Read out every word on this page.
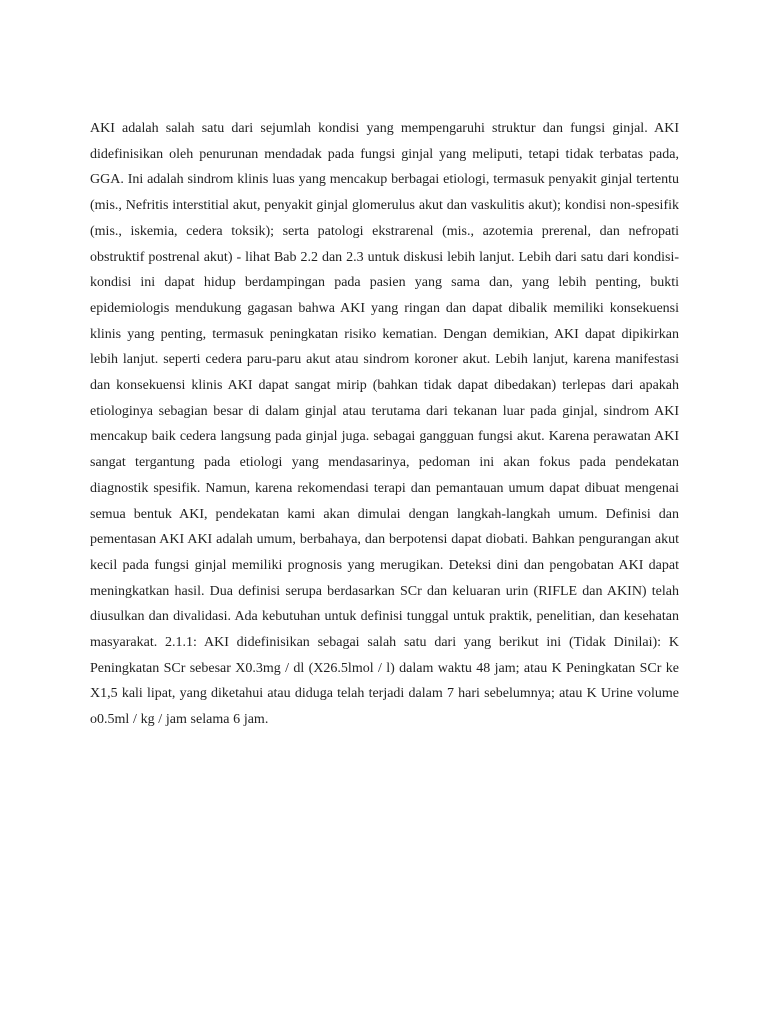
AKI adalah salah satu dari sejumlah kondisi yang mempengaruhi struktur dan fungsi ginjal. AKI didefinisikan oleh penurunan mendadak pada fungsi ginjal yang meliputi, tetapi tidak terbatas pada, GGA. Ini adalah sindrom klinis luas yang mencakup berbagai etiologi, termasuk penyakit ginjal tertentu (mis., Nefritis interstitial akut, penyakit ginjal glomerulus akut dan vaskulitis akut); kondisi non-spesifik (mis., iskemia, cedera toksik); serta patologi ekstrarenal (mis., azotemia prerenal, dan nefropati obstruktif postrenal akut) - lihat Bab 2.2 dan 2.3 untuk diskusi lebih lanjut. Lebih dari satu dari kondisi-kondisi ini dapat hidup berdampingan pada pasien yang sama dan, yang lebih penting, bukti epidemiologis mendukung gagasan bahwa AKI yang ringan dan dapat dibalik memiliki konsekuensi klinis yang penting, termasuk peningkatan risiko kematian. Dengan demikian, AKI dapat dipikirkan lebih lanjut. seperti cedera paru-paru akut atau sindrom koroner akut. Lebih lanjut, karena manifestasi dan konsekuensi klinis AKI dapat sangat mirip (bahkan tidak dapat dibedakan) terlepas dari apakah etiologinya sebagian besar di dalam ginjal atau terutama dari tekanan luar pada ginjal, sindrom AKI mencakup baik cedera langsung pada ginjal juga. sebagai gangguan fungsi akut. Karena perawatan AKI sangat tergantung pada etiologi yang mendasarinya, pedoman ini akan fokus pada pendekatan diagnostik spesifik. Namun, karena rekomendasi terapi dan pemantauan umum dapat dibuat mengenai semua bentuk AKI, pendekatan kami akan dimulai dengan langkah-langkah umum. Definisi dan pementasan AKI AKI adalah umum, berbahaya, dan berpotensi dapat diobati. Bahkan pengurangan akut kecil pada fungsi ginjal memiliki prognosis yang merugikan. Deteksi dini dan pengobatan AKI dapat meningkatkan hasil. Dua definisi serupa berdasarkan SCr dan keluaran urin (RIFLE dan AKIN) telah diusulkan dan divalidasi. Ada kebutuhan untuk definisi tunggal untuk praktik, penelitian, dan kesehatan masyarakat. 2.1.1: AKI didefinisikan sebagai salah satu dari yang berikut ini (Tidak Dinilai): K Peningkatan SCr sebesar X0.3mg / dl (X26.5lmol / l) dalam waktu 48 jam; atau K Peningkatan SCr ke X1,5 kali lipat, yang diketahui atau diduga telah terjadi dalam 7 hari sebelumnya; atau K Urine volume o0.5ml / kg / jam selama 6 jam.
